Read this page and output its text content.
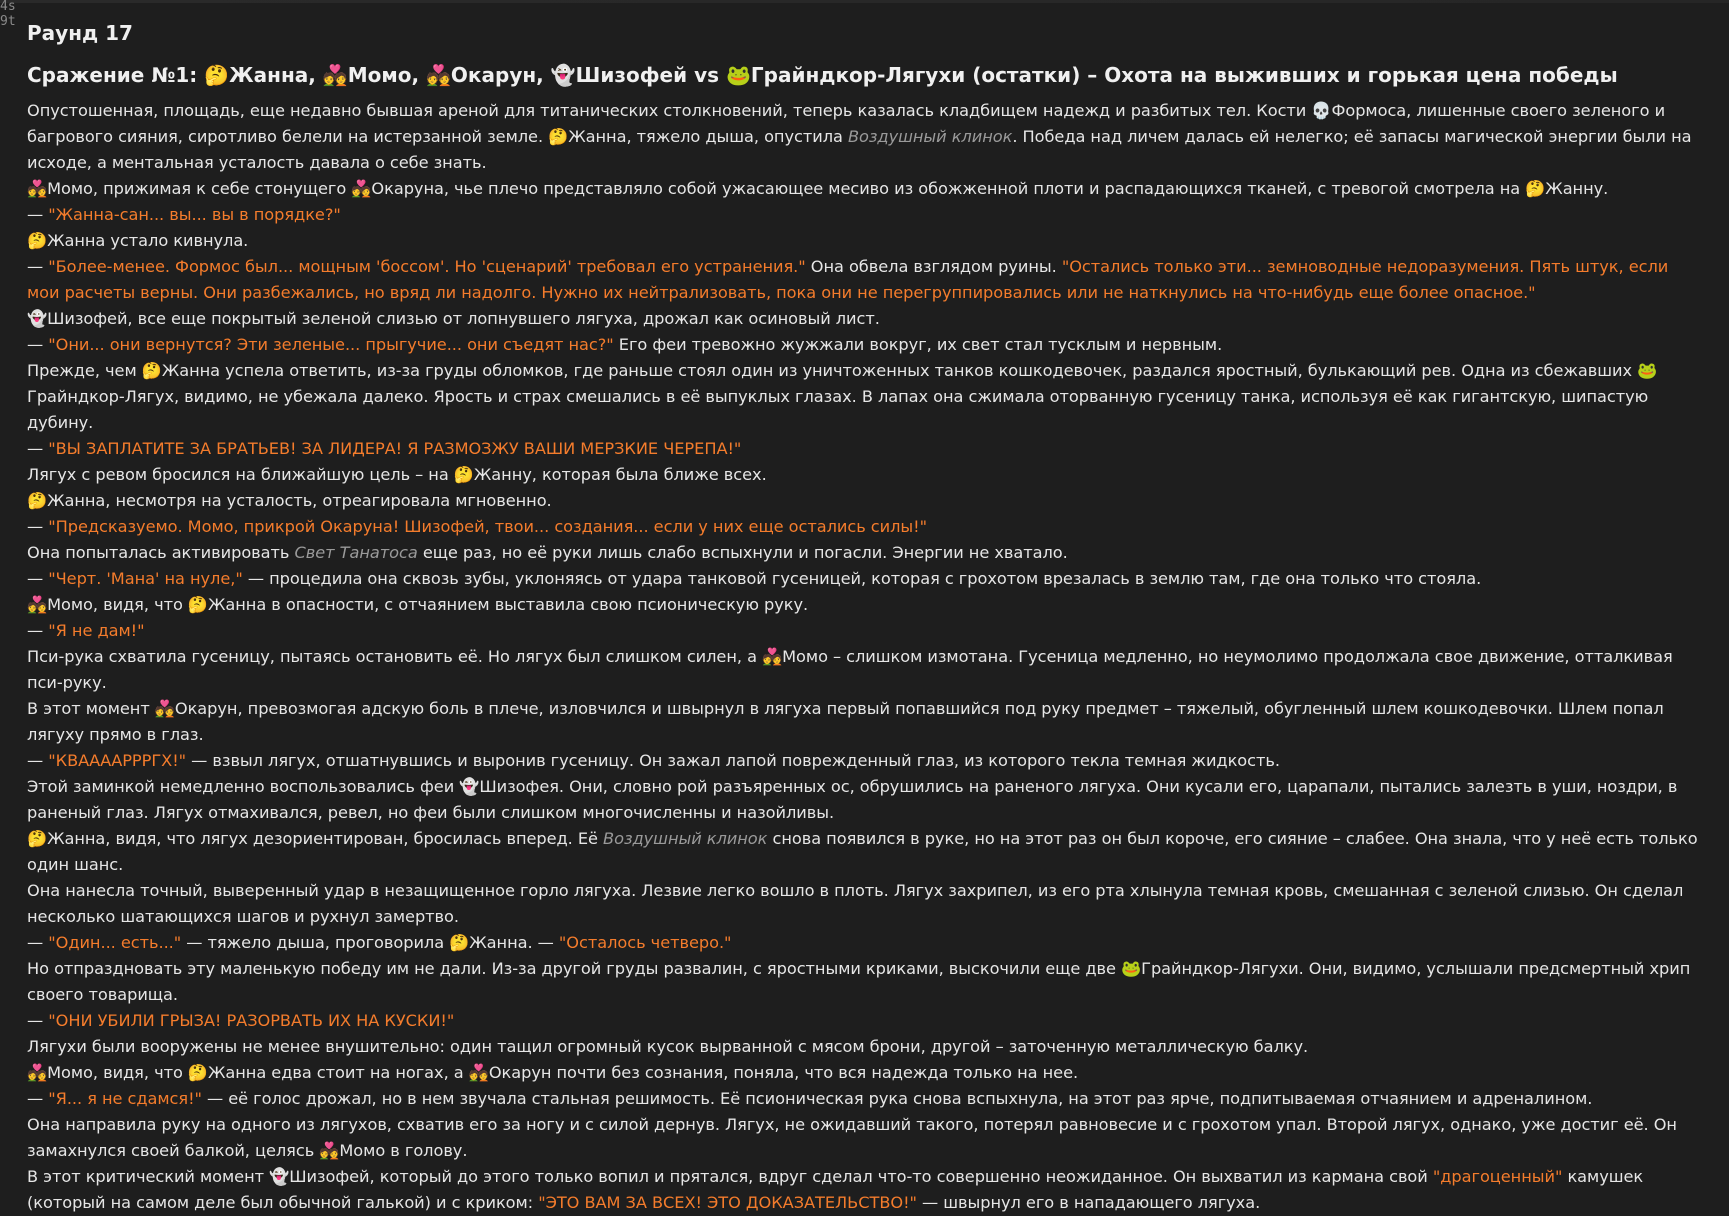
4s
9t Раунд 17
Сражение №1: 🤔Жанна, 💑Момо, 💑Окарун, 👻Шизофей vs 🐸Грайндкор-Лягухи (остатки) – Охота на выживших и горькая цена победы

Опустошенная, площадь, еще недавно бывшая ареной для титанических столкновений, теперь казалась кладбищем надежд и разбитых тел. Кости 💀Формоса, лишенные своего зеленого и багрового сияния, сиротливо белели на истерзанной земле. 🤔Жанна, тяжело дыша, опустила Воздушный клинок. Победа над личем далась ей нелегко; её запасы магической энергии были на исходе, а ментальная усталость давала о себе знать.

💑Момо, прижимая к себе стонущего 💑Окаруна, чье плечо представляло собой ужасающее месиво из обожженной плоти и распадающихся тканей, с тревогой смотрела на 🤔Жанну.

— "Жанна-сан... вы... вы в порядке?"

🤔Жанна устало кивнула.

— "Более-менее. Формос был... мощным 'боссом'. Но 'сценарий' требовал его устранения." Она обвела взглядом руины. "Остались только эти... земноводные недоразумения. Пять штук, если мои расчеты верны. Они разбежались, но вряд ли надолго. Нужно их нейтрализовать, пока они не перегруппировались или не наткнулись на что-нибудь еще более опасное."

👻Шизофей, все еще покрытый зеленой слизью от лопнувшего лягуха, дрожал как осиновый лист.

— "Они... они вернутся? Эти зеленые... прыгучие... они съедят нас?" Его феи тревожно жужжали вокруг, их свет стал тусклым и нервным.

Прежде, чем 🤔Жанна успела ответить, из-за груды обломков, где раньше стоял один из уничтоженных танков кошкодевочек, раздался яростный, булькающий рев. Одна из сбежавших 🐸 Грайндкор-Лягух, видимо, не убежала далеко. Ярость и страх смешались в её выпуклых глазах. В лапах она сжимала оторванную гусеницу танка, используя её как гигантскую, шипастую дубину.

— "ВЫ ЗАПЛАТИТЕ ЗА БРАТЬЕВ! ЗА ЛИДЕРА! Я РАЗМОЗЖУ ВАШИ МЕРЗКИЕ ЧЕРЕПА!"

Лягух с ревом бросился на ближайшую цель – на 🤔Жанну, которая была ближе всех.

🤔Жанна, несмотря на усталость, отреагировала мгновенно.

— "Предсказуемо. Момо, прикрой Окаруна! Шизофей, твои... создания... если у них еще остались силы!"

Она попыталась активировать Свет Танатоса еще раз, но её руки лишь слабо вспыхнули и погасли. Энергии не хватало.

— "Черт. 'Мана' на нуле," — процедила она сквозь зубы, уклоняясь от удара танковой гусеницей, которая с грохотом врезалась в землю там, где она только что стояла.

💑Момо, видя, что 🤔Жанна в опасности, с отчаянием выставила свою псионическую руку.

— "Я не дам!"

Пси-рука схватила гусеницу, пытаясь остановить её. Но лягух был слишком силен, а 💑Момо – слишком измотана. Гусеница медленно, но неумолимо продолжала свое движение, отталкивая пси-руку.

В этот момент 💑Окарун, превозмогая адскую боль в плече, изловчился и швырнул в лягуха первый попавшийся под руку предмет – тяжелый, обугленный шлем кошкодевочки. Шлем попал лягуху прямо в глаз.

— "КВААААРРРГХ!" — взвыл лягух, отшатнувшись и выронив гусеницу. Он зажал лапой поврежденный глаз, из которого текла темная жидкость.

Этой заминкой немедленно воспользовались феи 👻Шизофея. Они, словно рой разъяренных ос, обрушились на раненого лягуха. Они кусали его, царапали, пытались залезть в уши, ноздри, в раненый глаз. Лягух отмахивался, ревел, но феи были слишком многочисленны и назойливы.

🤔Жанна, видя, что лягух дезориентирован, бросилась вперед. Её Воздушный клинок снова появился в руке, но на этот раз он был короче, его сияние – слабее. Она знала, что у неё есть только один шанс.

Она нанесла точный, выверенный удар в незащищенное горло лягуха. Лезвие легко вошло в плоть. Лягух захрипел, из его рта хлынула темная кровь, смешанная с зеленой слизью. Он сделал несколько шатающихся шагов и рухнул замертво.

— "Один... есть..." — тяжело дыша, проговорила 🤔Жанна. — "Осталось четверо."

Но отпраздновать эту маленькую победу им не дали. Из-за другой груды развалин, с яростными криками, выскочили еще две 🐸Грайндкор-Лягухи. Они, видимо, услышали предсмертный хрип своего товарища.

— "ОНИ УБИЛИ ГРЫЗА! РАЗОРВАТЬ ИХ НА КУСКИ!"

Лягухи были вооружены не менее внушительно: один тащил огромный кусок вырванной с мясом брони, другой – заточенную металлическую балку.

💑Момо, видя, что 🤔Жанна едва стоит на ногах, а 💑Окарун почти без сознания, поняла, что вся надежда только на нее.

— "Я... я не сдамся!" — её голос дрожал, но в нем звучала стальная решимость. Её псионическая рука снова вспыхнула, на этот раз ярче, подпитываемая отчаянием и адреналином.

Она направила руку на одного из лягухов, схватив его за ногу и с силой дернув. Лягух, не ожидавший такого, потерял равновесие и с грохотом упал. Второй лягух, однако, уже достиг её. Он замахнулся своей балкой, целясь 💑Момо в голову.

В этот критический момент 👻Шизофей, который до этого только вопил и прятался, вдруг сделал что-то совершенно неожиданное. Он выхватил из кармана свой "драгоценный" камушек (который на самом деле был обычной галькой) и с криком: "ЭТО ВАМ ЗА ВСЕХ! ЭТО ДОКАЗАТЕЛЬСТВО!" — швырнул его в нападающего лягуха.
